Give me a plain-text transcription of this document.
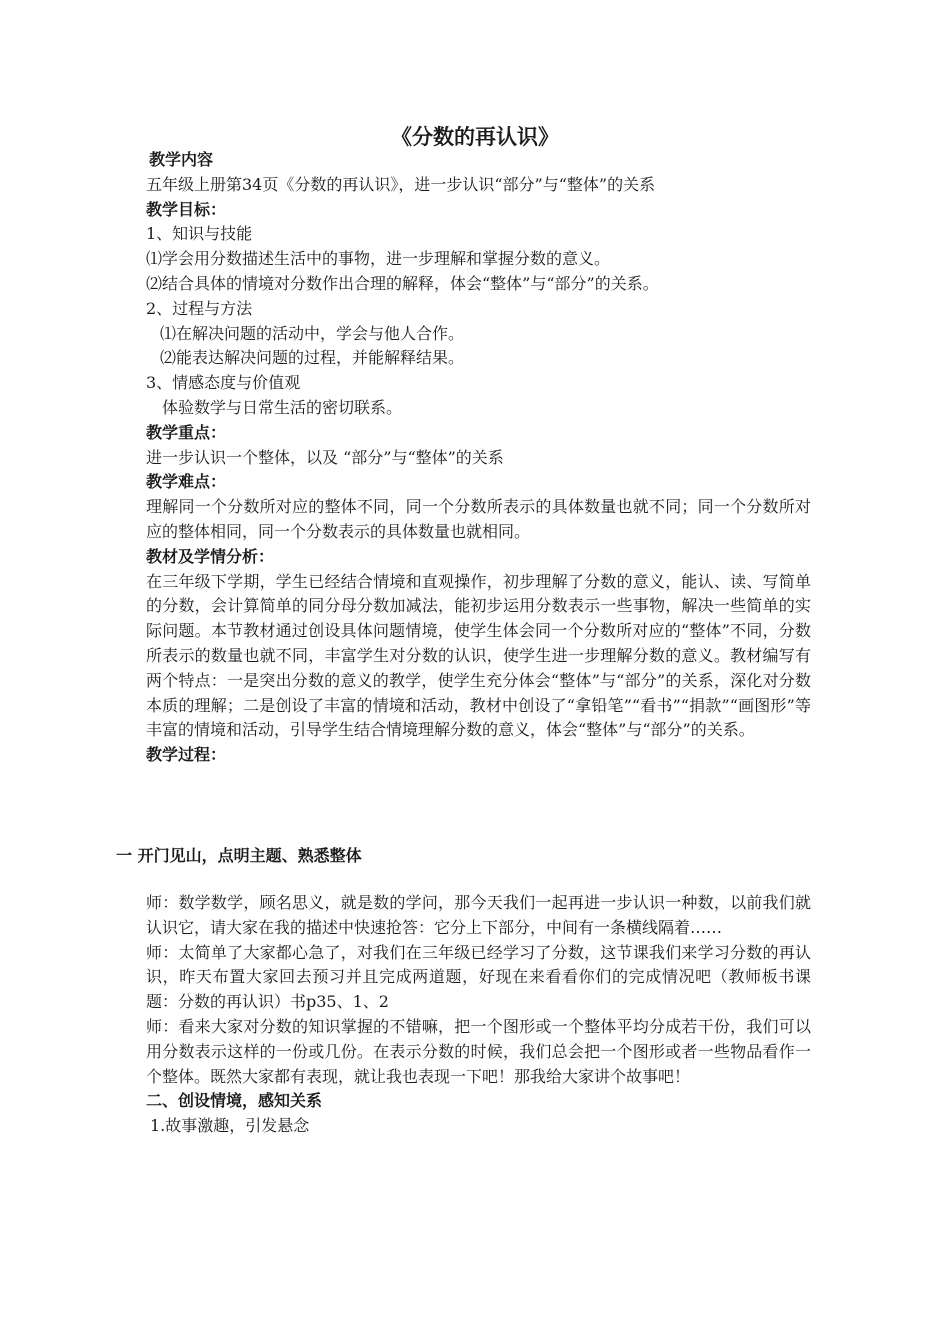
《分数的再认识》

教学内容

五年级上册第34页《分数的再认识》，进一步认识“部分”与“整体”的关系

教学目标：

1、知识与技能

⑴学会用分数描述生活中的事物，进一步理解和掌握分数的意义。

⑵结合具体的情境对分数作出合理的解释，体会“整体”与“部分”的关系。

2、过程与方法

⑴在解决问题的活动中，学会与他人合作。

⑵能表达解决问题的过程，并能解释结果。

3、情感态度与价值观

体验数学与日常生活的密切联系。

教学重点：

进一步认识一个整体，以及 “部分”与“整体”的关系

教学难点：

理解同一个分数所对应的整体不同，同一个分数所表示的具体数量也就不同；同一个分数所对应的整体相同，同一个分数表示的具体数量也就相同。

教材及学情分析：

在三年级下学期，学生已经结合情境和直观操作，初步理解了分数的意义，能认、读、写简单的分数，会计算简单的同分母分数加减法，能初步运用分数表示一些事物，解决一些简单的实际问题。本节教材通过创设具体问题情境，使学生体会同一个分数所对应的“整体”不同，分数所表示的数量也就不同，丰富学生对分数的认识，使学生进一步理解分数的意义。教材编写有两个特点：一是突出分数的意义的教学，使学生充分体会“整体”与“部分”的关系，深化对分数本质的理解；二是创设了丰富的情境和活动，教材中创设了“拿铅笔”“看书”“捐款”“画图形”等丰富的情境和活动，引导学生结合情境理解分数的意义，体会“整体”与“部分”的关系。

教学过程：

一 开门见山，点明主题、熟悉整体

师：数学数学，顾名思义，就是数的学问，那今天我们一起再进一步认识一种数，以前我们就认识它，请大家在我的描述中快速抢答：它分上下部分，中间有一条横线隔着……

师：太简单了大家都心急了，对我们在三年级已经学习了分数，这节课我们来学习分数的再认识，昨天布置大家回去预习并且完成两道题，好现在来看看你们的完成情况吧（教师板书课题：分数的再认识）书p35、1、2

师：看来大家对分数的知识掌握的不错嘛，把一个图形或一个整体平均分成若干份，我们可以用分数表示这样的一份或几份。在表示分数的时候，我们总会把一个图形或者一些物品看作一个整体。既然大家都有表现，就让我也表现一下吧！那我给大家讲个故事吧！

二、创设情境，感知关系

1.故事激趣，引发悬念
